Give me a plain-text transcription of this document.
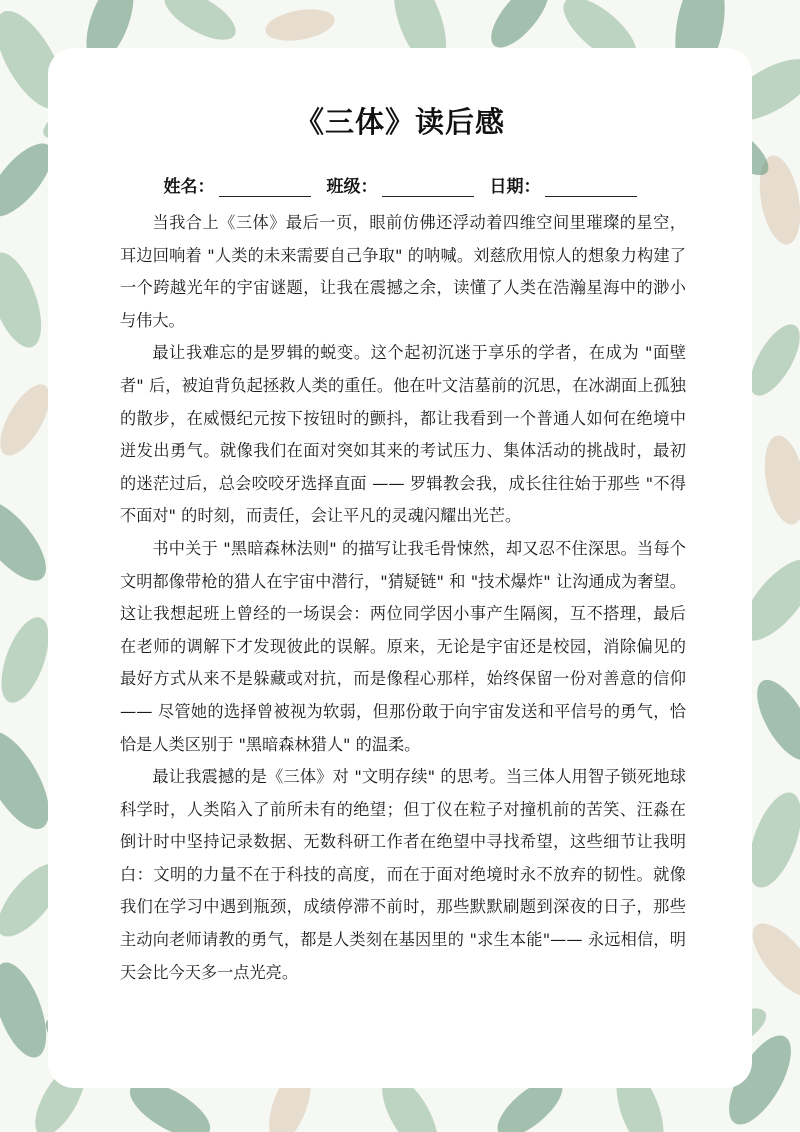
《三体》读后感
姓名：	班级：	日期：

当我合上《三体》最后一页，眼前仿佛还浮动着四维空间里璀璨的星空，耳边回响着 "人类的未来需要自己争取" 的呐喊。刘慈欣用惊人的想象力构建了一个跨越光年的宇宙谜题，让我在震撼之余，读懂了人类在浩瀚星海中的渺小与伟大。

最让我难忘的是罗辑的蜕变。这个起初沉迷于享乐的学者，在成为 "面壁者" 后，被迫背负起拯救人类的重任。他在叶文洁墓前的沉思，在冰湖面上孤独的散步，在威慑纪元按下按钮时的颤抖，都让我看到一个普通人如何在绝境中迸发出勇气。就像我们在面对突如其来的考试压力、集体活动的挑战时，最初的迷茫过后，总会咬咬牙选择直面 —— 罗辑教会我，成长往往始于那些 "不得不面对" 的时刻，而责任，会让平凡的灵魂闪耀出光芒。

书中关于 "黑暗森林法则" 的描写让我毛骨悚然，却又忍不住深思。当每个文明都像带枪的猎人在宇宙中潜行，"猜疑链" 和 "技术爆炸" 让沟通成为奢望。这让我想起班上曾经的一场误会：两位同学因小事产生隔阂，互不搭理，最后在老师的调解下才发现彼此的误解。原来，无论是宇宙还是校园，消除偏见的最好方式从来不是躲藏或对抗，而是像程心那样，始终保留一份对善意的信仰 —— 尽管她的选择曾被视为软弱，但那份敢于向宇宙发送和平信号的勇气，恰恰是人类区别于 "黑暗森林猎人" 的温柔。

最让我震撼的是《三体》对 "文明存续" 的思考。当三体人用智子锁死地球科学时，人类陷入了前所未有的绝望；但丁仪在粒子对撞机前的苦笑、汪淼在倒计时中坚持记录数据、无数科研工作者在绝望中寻找希望，这些细节让我明白：文明的力量不在于科技的高度，而在于面对绝境时永不放弃的韧性。就像我们在学习中遇到瓶颈，成绩停滞不前时，那些默默刷题到深夜的日子，那些主动向老师请教的勇气，都是人类刻在基因里的 "求生本能"—— 永远相信，明天会比今天多一点光亮。
